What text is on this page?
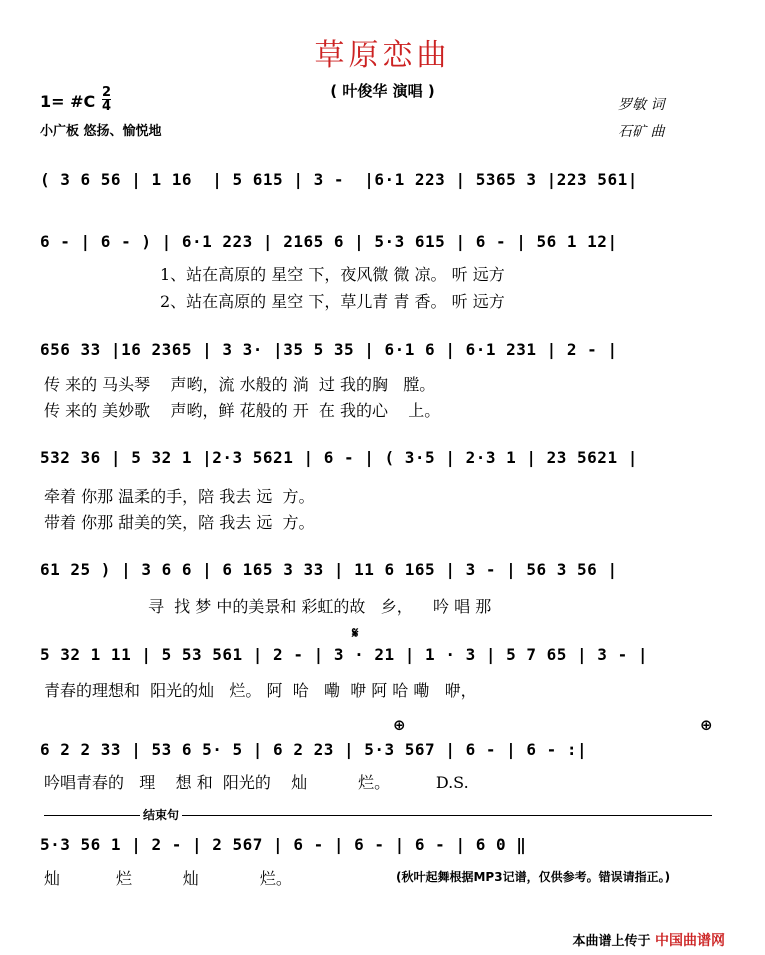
草原恋曲
( 叶俊华 演唱 )
1= #C 2
4
小广板 悠扬、愉悦地
罗敏 词
石矿 曲
( 3 6 56 | 1 16  | 5 615 | 3 -  |6·1 223 | 5365 3 |223 561|
6 - | 6 - ) | 6·1 223 | 2165 6 | 5·3 615 | 6 - | 56 1 12|
1、站在高原的 星空 下，夜风微 微 凉。 听 远方
2、站在高原的 星空 下，草儿青 青 香。 听 远方
656 33 |16 2365 | 3 3· |35 5 35 | 6·1 6 | 6·1 231 | 2 - |
传 来的 马头琴    声哟，流 水般的 淌  过 我的胸   膛。
传 来的 美妙歌    声哟，鲜 花般的 开  在 我的心    上。
532 36 | 5 32 1 |2·3 5621 | 6 - | ( 3·5 | 2·3 1 | 23 5621 |
牵着 你那 温柔的手，陪 我去 远  方。
带着 你那 甜美的笑，陪 我去 远  方。
61 25 ) | 3 6 6 | 6 165 3 33 | 11 6 165 | 3 - | 56 3 56 |
寻  找 梦 中的美景和 彩虹的故   乡，    吟 唱 那
𝄋
5 32 1 11 | 5 53 561 | 2 - | 3 · 21 | 1 · 3 | 5 7 65 | 3 - |
青春的理想和  阳光的灿   烂。 阿  哈   嘞  咿 阿 哈 嘞   咿，
⊕	⊕
6 2 2 33 | 53 6 5· 5 | 6 2 23 | 5·3 567 | 6 - | 6 - :|
吟唱青春的   理    想 和  阳光的    灿          烂。         D.S.
结束句
5·3 56 1 | 2 - | 2 567 | 6 - | 6 - | 6 - | 6 0 ‖
灿           烂          灿            烂。	(秋叶起舞根据MP3记谱，仅供参考。错误请指正。)
本曲谱上传于 中国曲谱网
